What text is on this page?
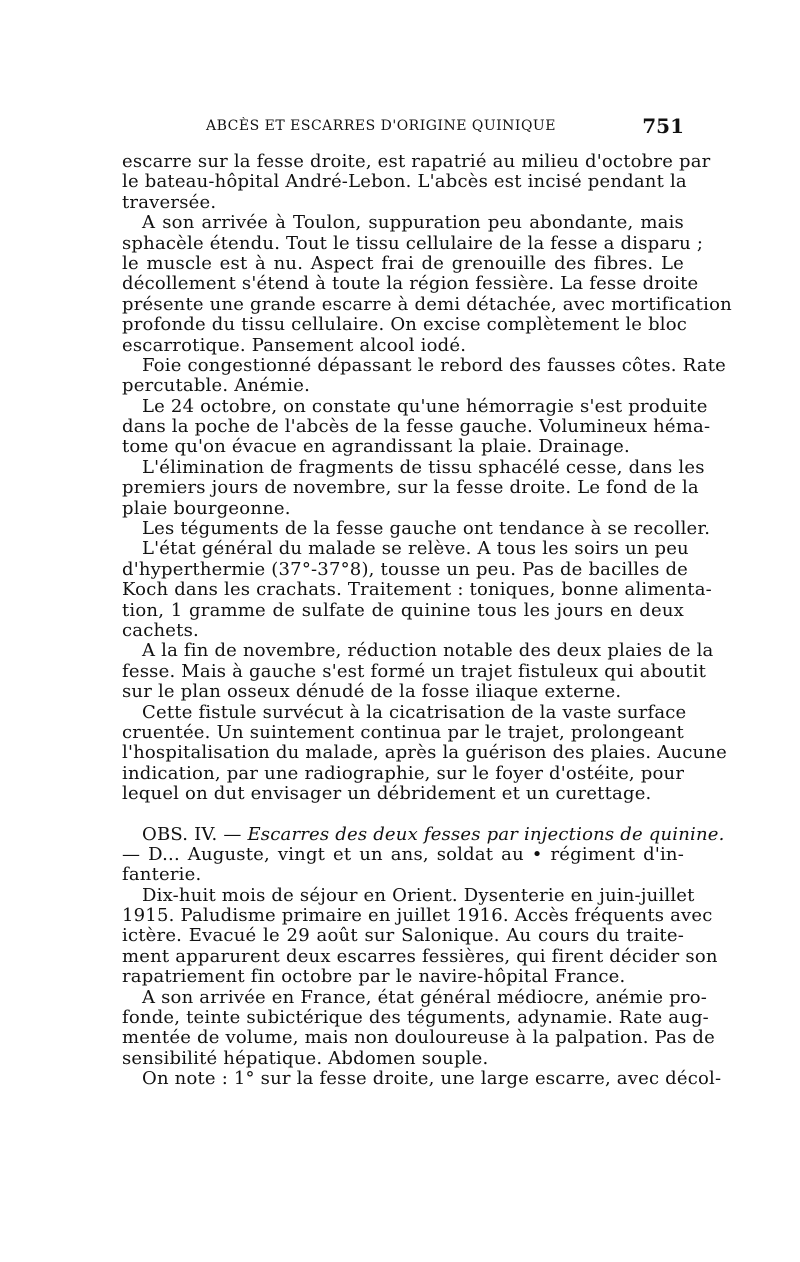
ABCÈS ET ESCARRES D'ORIGINE QUINIQUE	751
escarre sur la fesse droite, est rapatrié au milieu d'octobre par
le bateau-hôpital André-Lebon. L'abcès est incisé pendant la
traversée.
A son arrivée à Toulon, suppuration peu abondante, mais
sphacèle étendu. Tout le tissu cellulaire de la fesse a disparu ;
le muscle est à nu. Aspect frai de grenouille des fibres. Le
décollement s'étend à toute la région fessière. La fesse droite
présente une grande escarre à demi détachée, avec mortification
profonde du tissu cellulaire. On excise complètement le bloc
escarrotique. Pansement alcool iodé.
Foie congestionné dépassant le rebord des fausses côtes. Rate
percutable. Anémie.
Le 24 octobre, on constate qu'une hémorragie s'est produite
dans la poche de l'abcès de la fesse gauche. Volumineux héma-
tome qu'on évacue en agrandissant la plaie. Drainage.
L'élimination de fragments de tissu sphacélé cesse, dans les
premiers jours de novembre, sur la fesse droite. Le fond de la
plaie bourgeonne.
Les téguments de la fesse gauche ont tendance à se recoller.
L'état général du malade se relève. A tous les soirs un peu
d'hyperthermie (37°-37°8), tousse un peu. Pas de bacilles de
Koch dans les crachats. Traitement : toniques, bonne alimenta-
tion, 1 gramme de sulfate de quinine tous les jours en deux
cachets.
A la fin de novembre, réduction notable des deux plaies de la
fesse. Mais à gauche s'est formé un trajet fistuleux qui aboutit
sur le plan osseux dénudé de la fosse iliaque externe.
Cette fistule survécut à la cicatrisation de la vaste surface
cruentée. Un suintement continua par le trajet, prolongeant
l'hospitalisation du malade, après la guérison des plaies. Aucune
indication, par une radiographie, sur le foyer d'ostéite, pour
lequel on dut envisager un débridement et un curettage.
OBS. IV. — Escarres des deux fesses par injections de quinine.
— D... Auguste, vingt et un ans, soldat au • régiment d'in-
fanterie.
Dix-huit mois de séjour en Orient. Dysenterie en juin-juillet
1915. Paludisme primaire en juillet 1916. Accès fréquents avec
ictère. Evacué le 29 août sur Salonique. Au cours du traite-
ment apparurent deux escarres fessières, qui firent décider son
rapatriement fin octobre par le navire-hôpital France.
A son arrivée en France, état général médiocre, anémie pro-
fonde, teinte subictérique des téguments, adynamie. Rate aug-
mentée de volume, mais non douloureuse à la palpation. Pas de
sensibilité hépatique. Abdomen souple.
On note : 1° sur la fesse droite, une large escarre, avec décol-
